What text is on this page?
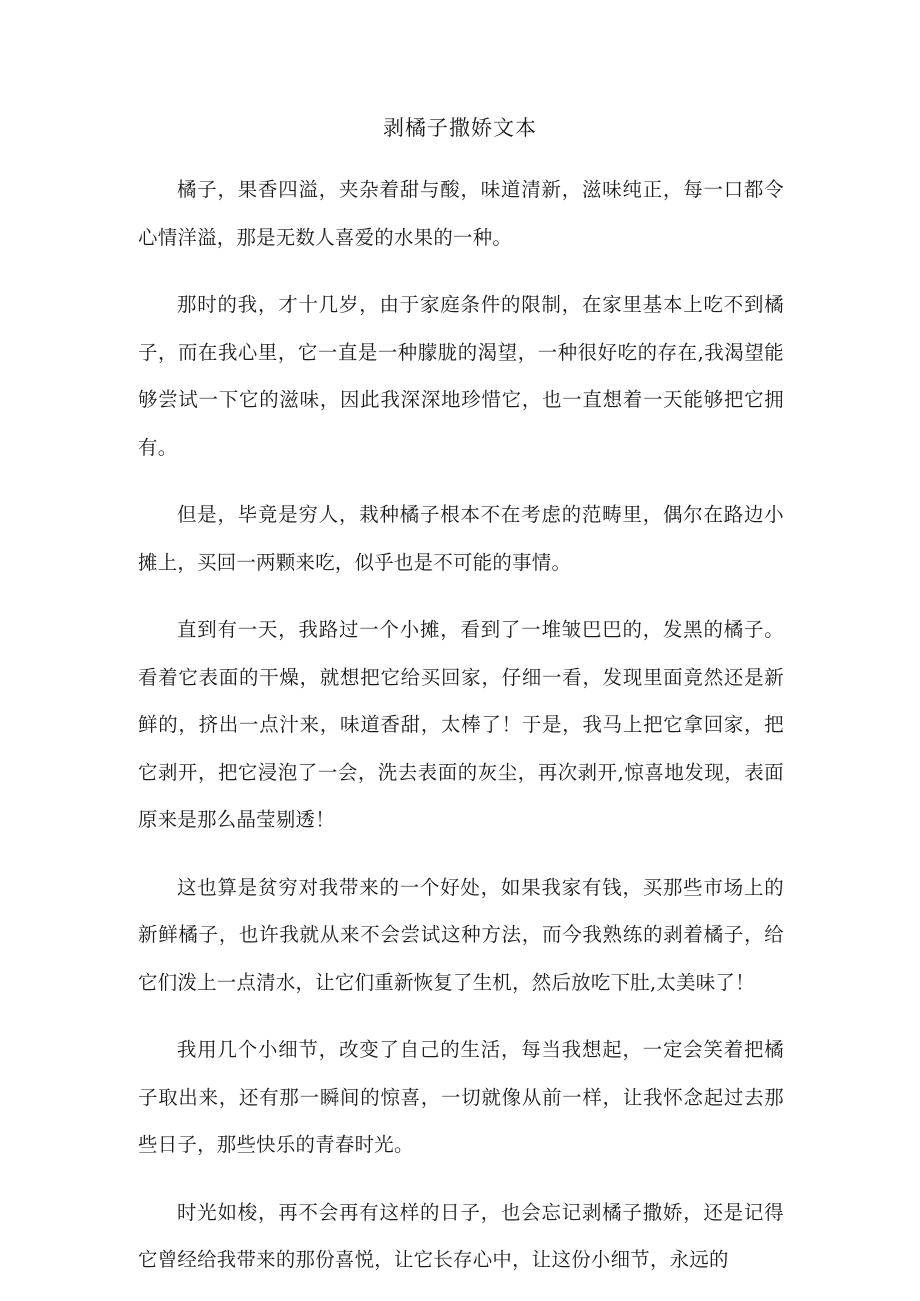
剥橘子撒娇文本

橘子，果香四溢，夹杂着甜与酸，味道清新，滋味纯正，每一口都令心情洋溢，那是无数人喜爱的水果的一种。

那时的我，才十几岁，由于家庭条件的限制，在家里基本上吃不到橘子，而在我心里，它一直是一种朦胧的渴望，一种很好吃的存在,我渴望能够尝试一下它的滋味，因此我深深地珍惜它，也一直想着一天能够把它拥有。

但是，毕竟是穷人，栽种橘子根本不在考虑的范畴里，偶尔在路边小摊上，买回一两颗来吃，似乎也是不可能的事情。

直到有一天，我路过一个小摊，看到了一堆皱巴巴的，发黑的橘子。看着它表面的干燥，就想把它给买回家，仔细一看，发现里面竟然还是新鲜的，挤出一点汁来，味道香甜，太棒了！于是，我马上把它拿回家，把它剥开，把它浸泡了一会，洗去表面的灰尘，再次剥开,惊喜地发现，表面原来是那么晶莹剔透！

这也算是贫穷对我带来的一个好处，如果我家有钱，买那些市场上的新鲜橘子，也许我就从来不会尝试这种方法，而今我熟练的剥着橘子，给它们泼上一点清水，让它们重新恢复了生机，然后放吃下肚,太美味了！

我用几个小细节，改变了自己的生活，每当我想起，一定会笑着把橘子取出来，还有那一瞬间的惊喜，一切就像从前一样，让我怀念起过去那些日子，那些快乐的青春时光。

时光如梭，再不会再有这样的日子，也会忘记剥橘子撒娇，还是记得它曾经给我带来的那份喜悦，让它长存心中，让这份小细节，永远的
